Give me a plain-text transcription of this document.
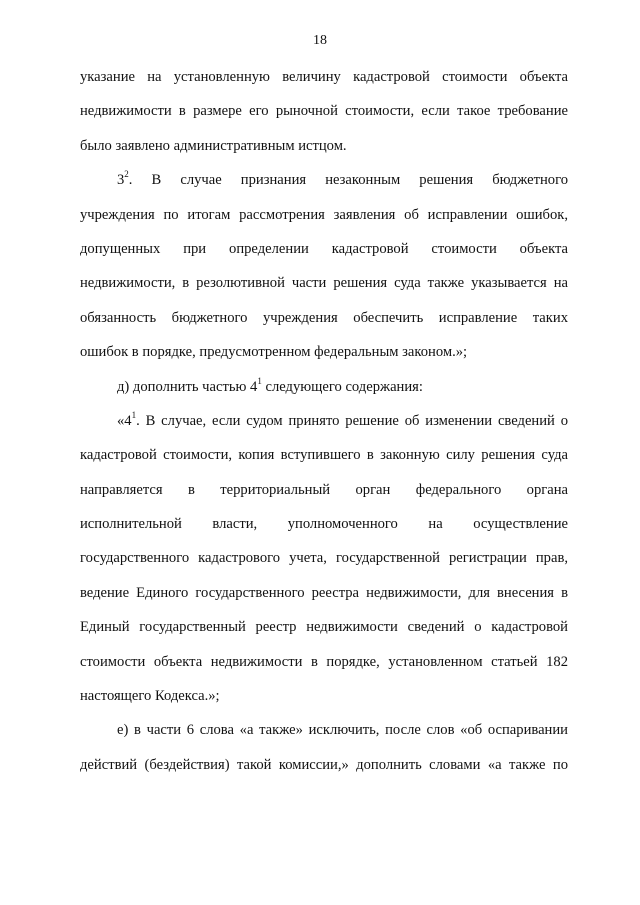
18
указание на установленную величину кадастровой стоимости объекта
недвижимости в размере его рыночной стоимости, если такое требование
было заявлено административным истцом.
$3^2$. В случае признания незаконным решения бюджетного
учреждения по итогам рассмотрения заявления об исправлении ошибок,
допущенных при определении кадастровой стоимости объекта
недвижимости, в резолютивной части решения суда также указывается на
обязанность бюджетного учреждения обеспечить исправление таких
ошибок в порядке, предусмотренном федеральным законом.»;
д) дополнить частью $4^1$ следующего содержания:
«$4^1$. В случае, если судом принято решение об изменении сведений о
кадастровой стоимости, копия вступившего в законную силу решения суда
направляется в территориальный орган федерального органа
исполнительной власти, уполномоченного на осуществление
государственного кадастрового учета, государственной регистрации прав,
ведение Единого государственного реестра недвижимости, для внесения в
Единый государственный реестр недвижимости сведений о кадастровой
стоимости объекта недвижимости в порядке, установленном статьей 182
настоящего Кодекса.»;
е) в части 6 слова «а также» исключить, после слов «об оспаривании
действий (бездействия) такой комиссии,» дополнить словами «а также по
